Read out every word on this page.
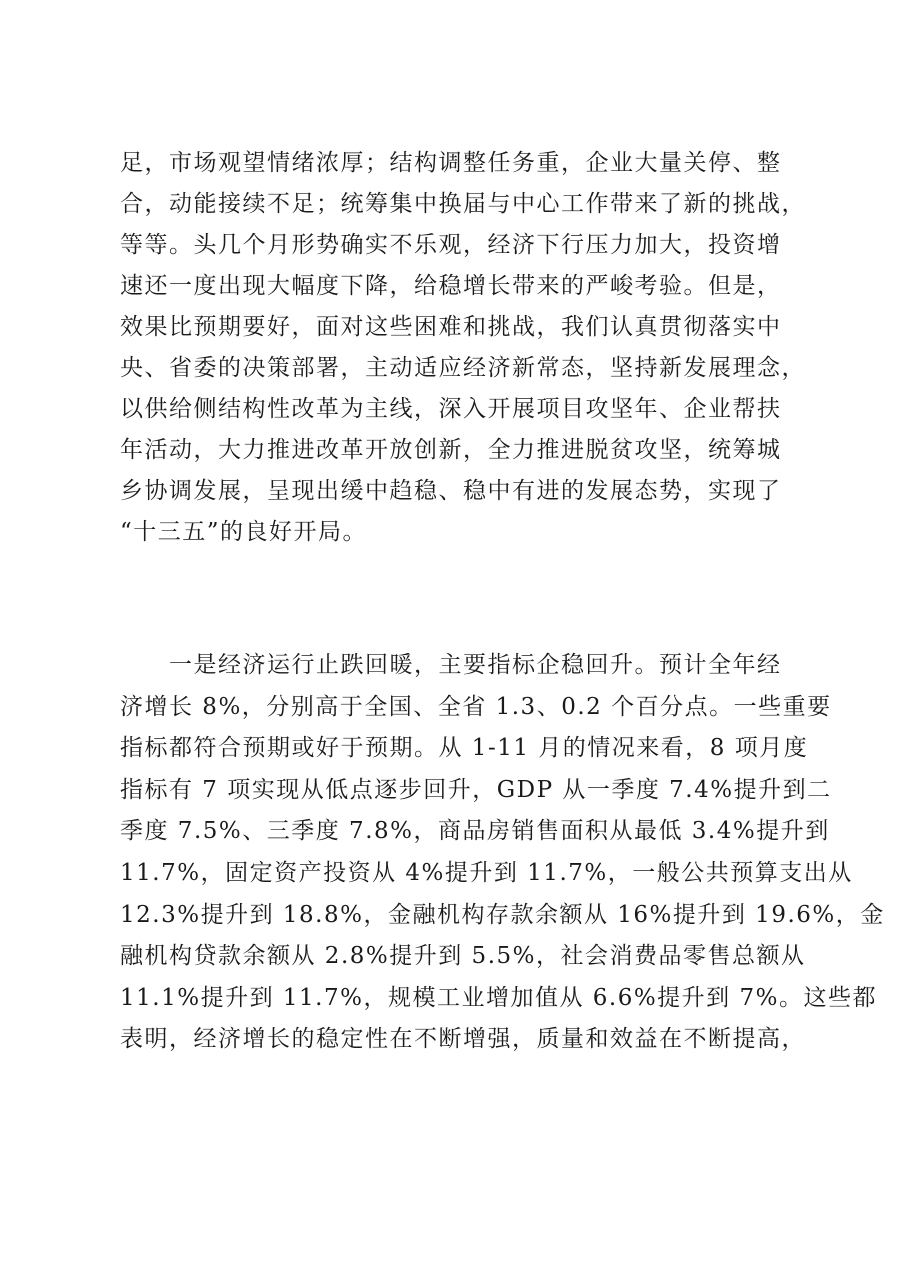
足，市场观望情绪浓厚；结构调整任务重，企业大量关停、整
合，动能接续不足；统筹集中换届与中心工作带来了新的挑战，
等等。头几个月形势确实不乐观，经济下行压力加大，投资增
速还一度出现大幅度下降，给稳增长带来的严峻考验。但是，
效果比预期要好，面对这些困难和挑战，我们认真贯彻落实中
央、省委的决策部署，主动适应经济新常态，坚持新发展理念，
以供给侧结构性改革为主线，深入开展项目攻坚年、企业帮扶
年活动，大力推进改革开放创新，全力推进脱贫攻坚，统筹城
乡协调发展，呈现出缓中趋稳、稳中有进的发展态势，实现了
“十三五”的良好开局。
　　一是经济运行止跌回暖，主要指标企稳回升。预计全年经
济增长 8%，分别高于全国、全省 1.3、0.2 个百分点。一些重要
指标都符合预期或好于预期。从 1-11 月的情况来看，8 项月度
指标有 7 项实现从低点逐步回升，GDP 从一季度 7.4%提升到二
季度 7.5%、三季度 7.8%，商品房销售面积从最低 3.4%提升到
11.7%，固定资产投资从 4%提升到 11.7%，一般公共预算支出从
12.3%提升到 18.8%，金融机构存款余额从 16%提升到 19.6%，金
融机构贷款余额从 2.8%提升到 5.5%，社会消费品零售总额从
11.1%提升到 11.7%，规模工业增加值从 6.6%提升到 7%。这些都
表明，经济增长的稳定性在不断增强，质量和效益在不断提高，
